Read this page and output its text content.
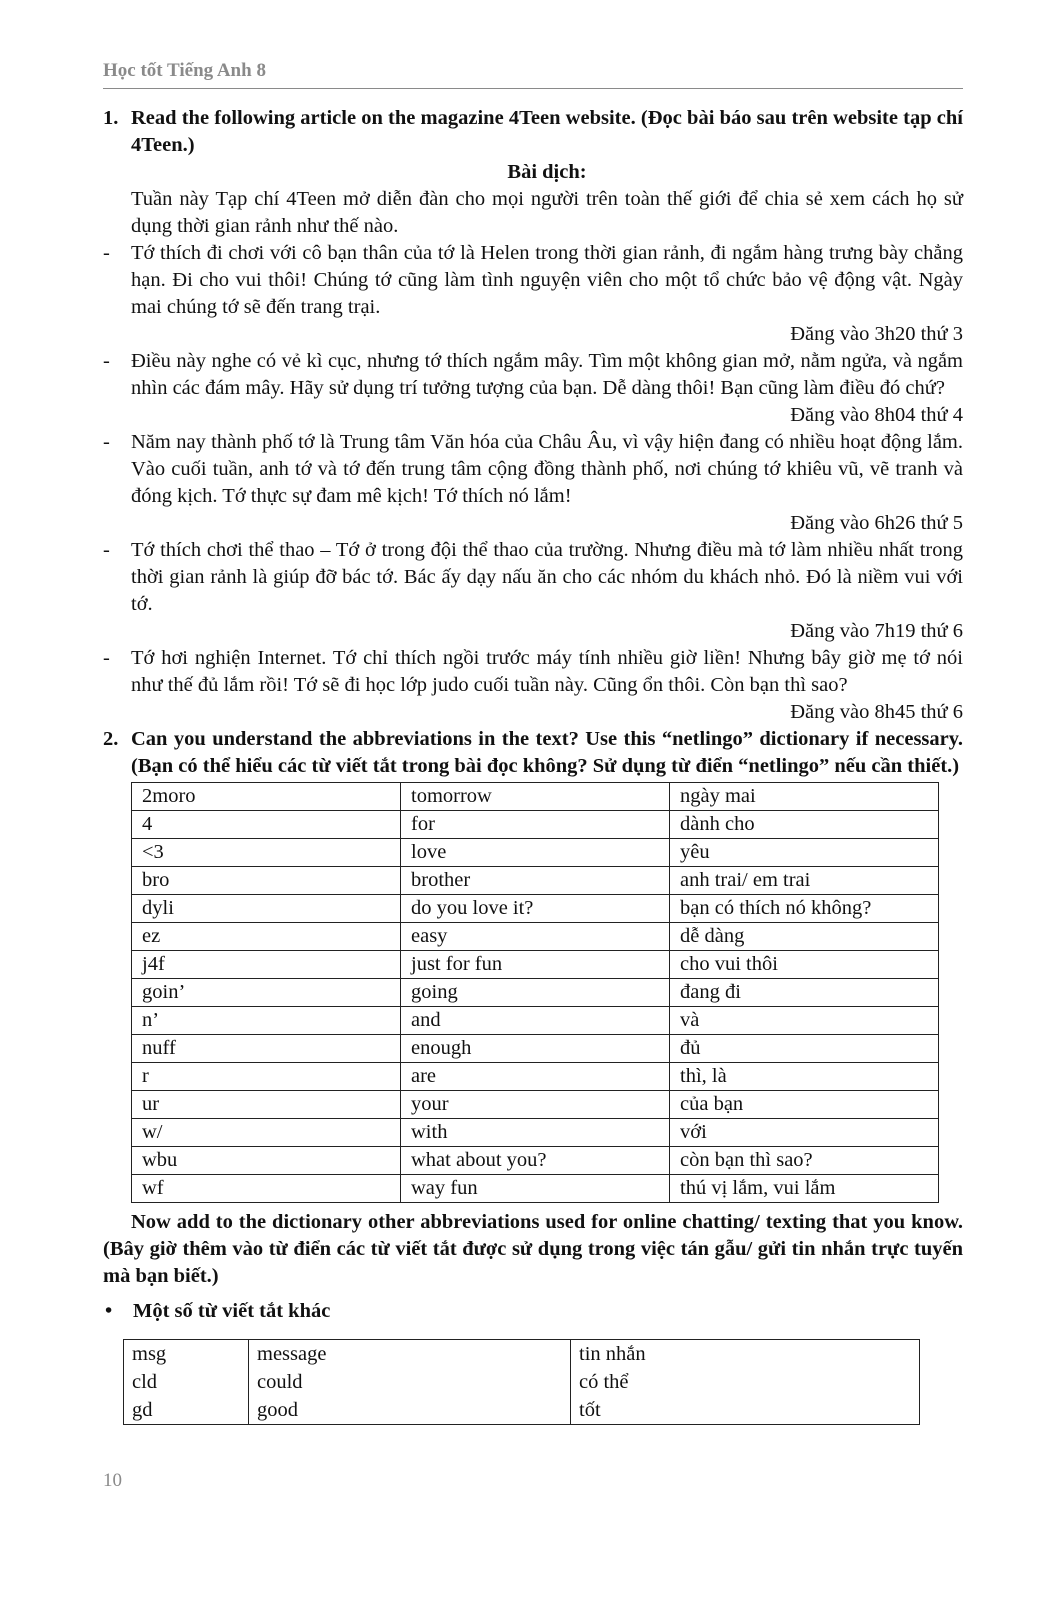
Học tốt Tiếng Anh 8
1. Read the following article on the magazine 4Teen website. (Đọc bài báo sau trên website tạp chí 4Teen.)
Bài dịch:
Tuần này Tạp chí 4Teen mở diễn đàn cho mọi người trên toàn thế giới để chia sẻ xem cách họ sử dụng thời gian rảnh như thế nào.
-	Tớ thích đi chơi với cô bạn thân của tớ là Helen trong thời gian rảnh, đi ngắm hàng trưng bày chẳng hạn. Đi cho vui thôi! Chúng tớ cũng làm tình nguyện viên cho một tổ chức bảo vệ động vật. Ngày mai chúng tớ sẽ đến trang trại.
Đăng vào 3h20 thứ 3
-	Điều này nghe có vẻ kì cục, nhưng tớ thích ngắm mây. Tìm một không gian mở, nằm ngửa, và ngắm nhìn các đám mây. Hãy sử dụng trí tưởng tượng của bạn. Dễ dàng thôi! Bạn cũng làm điều đó chứ?
Đăng vào 8h04 thứ 4
-	Năm nay thành phố tớ là Trung tâm Văn hóa của Châu Âu, vì vậy hiện đang có nhiều hoạt động lắm. Vào cuối tuần, anh tớ và tớ đến trung tâm cộng đồng thành phố, nơi chúng tớ khiêu vũ, vẽ tranh và đóng kịch. Tớ thực sự đam mê kịch! Tớ thích nó lắm!
Đăng vào 6h26 thứ 5
-	Tớ thích chơi thể thao – Tớ ở trong đội thể thao của trường. Nhưng điều mà tớ làm nhiều nhất trong thời gian rảnh là giúp đỡ bác tớ. Bác ấy dạy nấu ăn cho các nhóm du khách nhỏ. Đó là niềm vui với tớ.
Đăng vào 7h19 thứ 6
-	Tớ hơi nghiện Internet. Tớ chỉ thích ngồi trước máy tính nhiều giờ liền! Nhưng bây giờ mẹ tớ nói như thế đủ lắm rồi! Tớ sẽ đi học lớp judo cuối tuần này. Cũng ổn thôi. Còn bạn thì sao?
Đăng vào 8h45 thứ 6
2. Can you understand the abbreviations in the text? Use this “netlingo” dictionary if necessary. (Bạn có thể hiểu các từ viết tắt trong bài đọc không? Sử dụng từ điển “netlingo” nếu cần thiết.)
2moro	tomorrow	ngày mai
4	for	dành cho
<3	love	yêu
bro	brother	anh trai/ em trai
dyli	do you love it?	bạn có thích nó không?
ez	easy	dễ dàng
j4f	just for fun	cho vui thôi
goin’	going	đang đi
n’	and	và
nuff	enough	đủ
r	are	thì, là
ur	your	của bạn
w/	with	với
wbu	what about you?	còn bạn thì sao?
wf	way fun	thú vị lắm, vui lắm
Now add to the dictionary other abbreviations used for online chatting/ texting that you know. (Bây giờ thêm vào từ điển các từ viết tắt được sử dụng trong việc tán gẫu/ gửi tin nhắn trực tuyến mà bạn biết.)
•	Một số từ viết tắt khác
msg	message	tin nhắn
cld	could	có thể
gd	good	tốt
10
